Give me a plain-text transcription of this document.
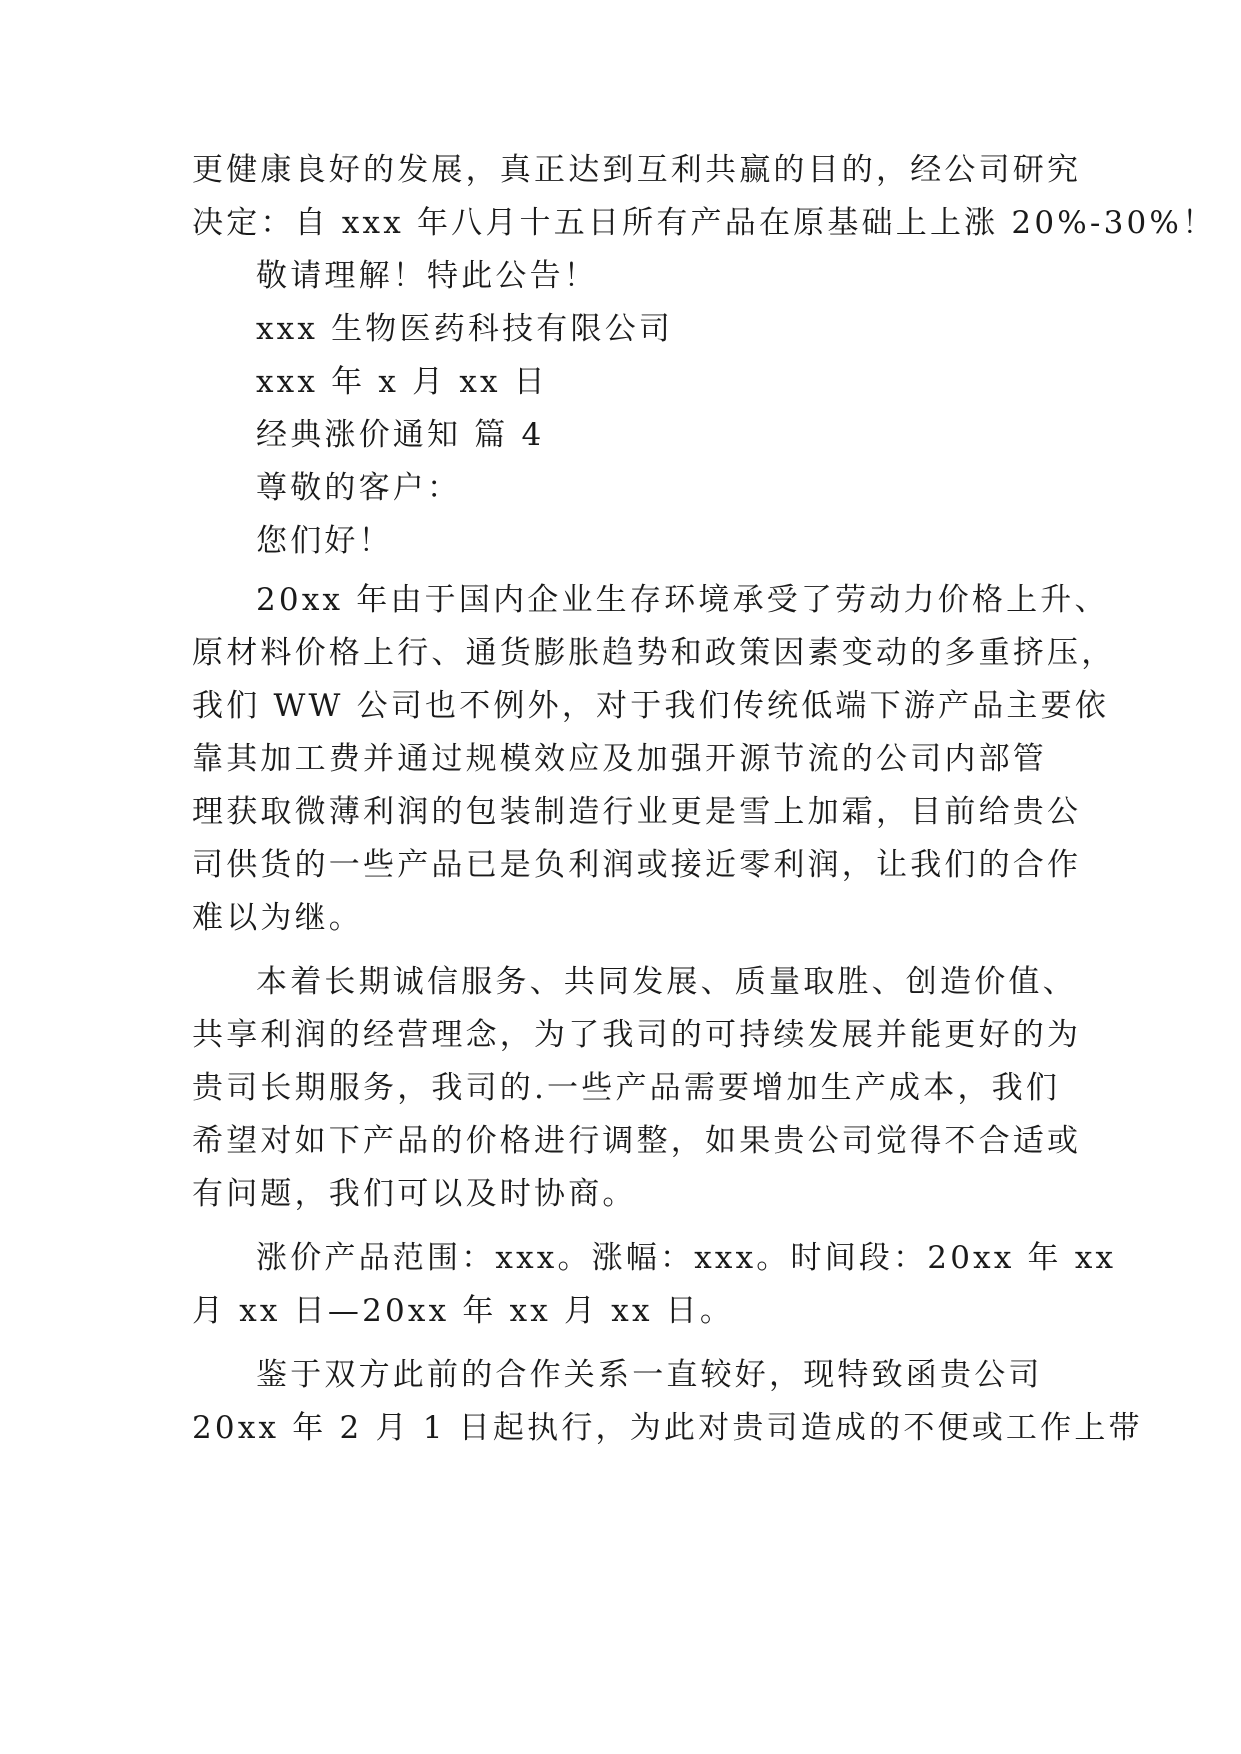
更健康良好的发展，真正达到互利共赢的目的，经公司研究
决定：自 xxx 年八月十五日所有产品在原基础上上涨 20%-30%！
敬请理解！特此公告！
xxx 生物医药科技有限公司
xxx 年 x 月 xx 日
经典涨价通知 篇 4
尊敬的客户：
您们好！
20xx 年由于国内企业生存环境承受了劳动力价格上升、
原材料价格上行、通货膨胀趋势和政策因素变动的多重挤压，
我们 WW 公司也不例外，对于我们传统低端下游产品主要依
靠其加工费并通过规模效应及加强开源节流的公司内部管
理获取微薄利润的包装制造行业更是雪上加霜，目前给贵公
司供货的一些产品已是负利润或接近零利润，让我们的合作
难以为继。
本着长期诚信服务、共同发展、质量取胜、创造价值、
共享利润的经营理念，为了我司的可持续发展并能更好的为
贵司长期服务，我司的.一些产品需要增加生产成本，我们
希望对如下产品的价格进行调整，如果贵公司觉得不合适或
有问题，我们可以及时协商。
涨价产品范围：xxx。涨幅：xxx。时间段：20xx 年 xx
月 xx 日—20xx 年 xx 月 xx 日。
鉴于双方此前的合作关系一直较好，现特致函贵公司
20xx 年 2 月 1 日起执行，为此对贵司造成的不便或工作上带
